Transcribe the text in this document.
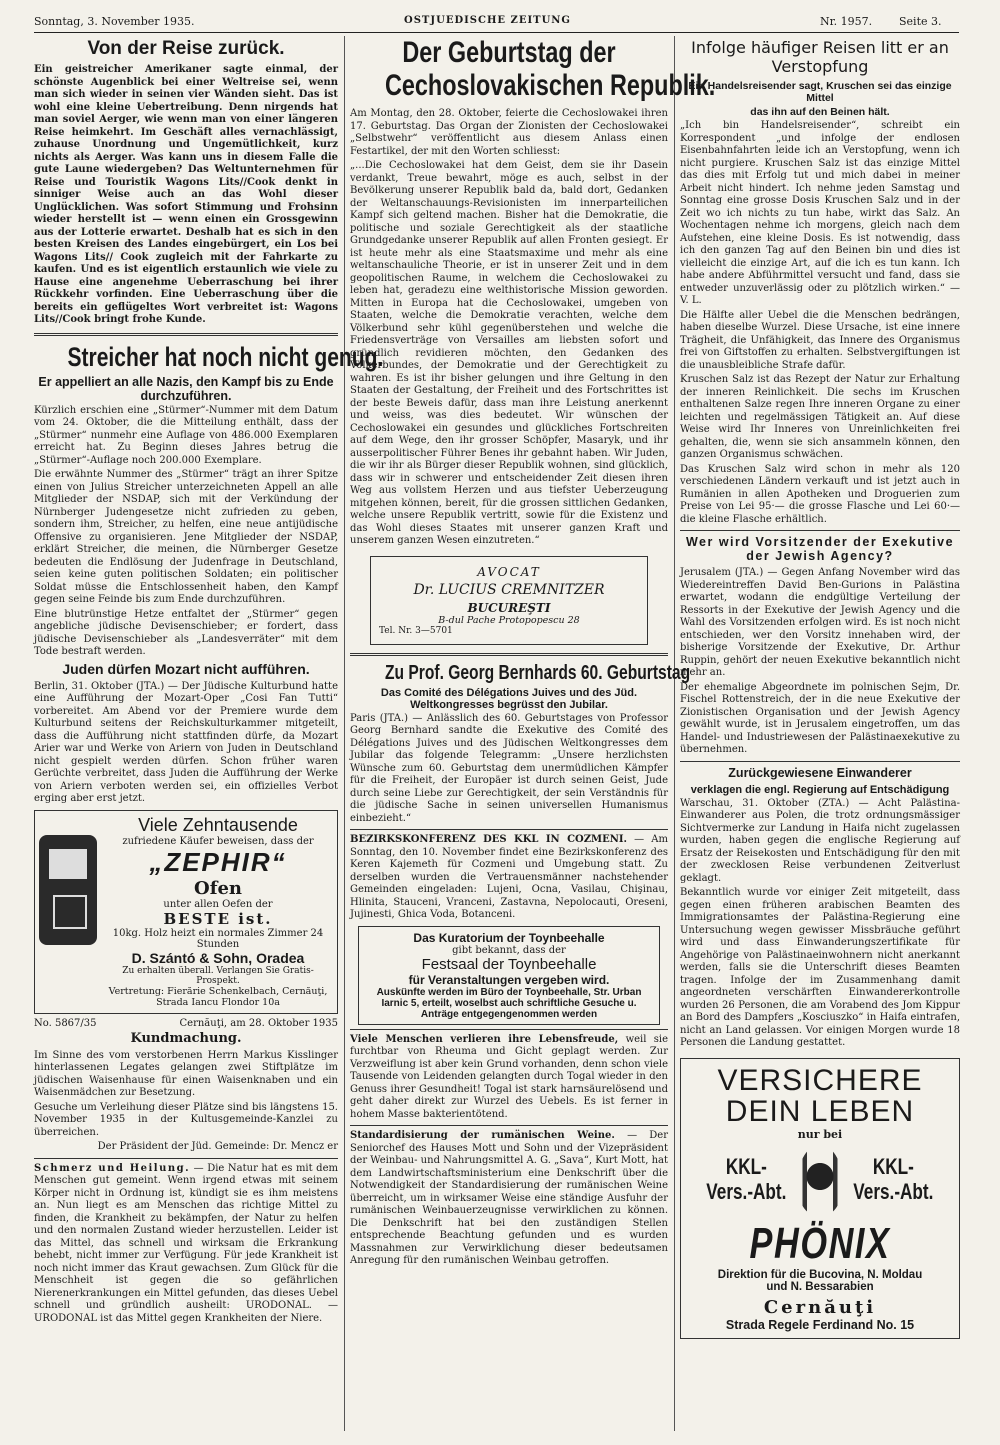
Sonntag, 3. November 1935.	OSTJUEDISCHE ZEITUNG	Nr. 1957. Seite 3.
Von der Reise zurück.

Ein geistreicher Amerikaner sagte einmal, der schönste Augenblick bei einer Weltreise sei, wenn man sich wieder in seinen vier Wänden sieht. Das ist wohl eine kleine Uebertreibung. Denn nirgends hat man soviel Aerger, wie wenn man von einer längeren Reise heimkehrt. Im Geschäft alles vernachlässigt, zuhause Unordnung und Ungemütlichkeit, kurz nichts als Aerger. Was kann uns in diesem Falle die gute Laune wiedergeben? Das Weltunternehmen für Reise und Touristik Wagons Lits//Cook denkt in sinniger Weise auch an das Wohl dieser Unglücklichen. Was sofort Stimmung und Frohsinn wieder herstellt ist — wenn einen ein Grossgewinn aus der Lotterie erwartet. Deshalb hat es sich in den besten Kreisen des Landes eingebürgert, ein Los bei Wagons Lits// Cook zugleich mit der Fahrkarte zu kaufen. Und es ist eigentlich erstaunlich wie viele zu Hause eine angenehme Ueberraschung bei ihrer Rückkehr vorfinden. Eine Ueberraschung über die bereits ein geflügeltes Wort verbreitet ist: Wagons Lits//Cook bringt frohe Kunde.

Streicher hat noch nicht genug.
Er appelliert an alle Nazis, den Kampf bis zu Ende durchzuführen.

Kürzlich erschien eine „Stürmer“-Nummer mit dem Datum vom 24. Oktober, die die Mitteilung enthält, dass der „Stürmer“ nunmehr eine Auflage von 486.000 Exemplaren erreicht hat. Zu Beginn dieses Jahres betrug die „Stürmer“-Auflage noch 200.000 Exemplare.

Die erwähnte Nummer des „Stürmer“ trägt an ihrer Spitze einen von Julius Streicher unterzeichneten Appell an alle Mitglieder der NSDAP, sich mit der Verkündung der Nürnberger Judengesetze nicht zufrieden zu geben, sondern ihm, Streicher, zu helfen, eine neue antijüdische Offensive zu organisieren. Jene Mitglieder der NSDAP, erklärt Streicher, die meinen, die Nürnberger Gesetze bedeuten die Endlösung der Judenfrage in Deutschland, seien keine guten politischen Soldaten; ein politischer Soldat müsse die Entschlossenheit haben, den Kampf gegen seine Feinde bis zum Ende durchzuführen.

Eine blutrünstige Hetze entfaltet der „Stürmer“ gegen angebliche jüdische Devisenschieber; er fordert, dass jüdische Devisenschieber als „Landesverräter“ mit dem Tode bestraft werden.

Juden dürfen Mozart nicht aufführen.

Berlin, 31. Oktober (JTA.) — Der Jüdische Kulturbund hatte eine Aufführung der Mozart-Oper „Cosi Fan Tutti“ vorbereitet. Am Abend vor der Premiere wurde dem Kulturbund seitens der Reichskulturkammer mitgeteilt, dass die Aufführung nicht stattfinden dürfe, da Mozart Arier war und Werke von Ariern von Juden in Deutschland nicht gespielt werden dürfen. Schon früher waren Gerüchte verbreitet, dass Juden die Aufführung der Werke von Ariern verboten werden sei, ein offizielles Verbot erging aber erst jetzt.

Viele Zehntausende
zufriedene Käufer beweisen, dass der
„ZEPHIR“
Ofen
unter allen Oefen der
BESTE ist.
10kg. Holz heizt ein normales Zimmer 24 Stunden
D. Szántó & Sohn, Oradea
Zu erhalten überall. Verlangen Sie Gratis-Prospekt.
Vertretung: Fierărie Schenkelbach, Cernăuţi,
Strada Iancu Flondor 10a
No. 5867/35	Cernăuţi, am 28. Oktober 1935
Kundmachung.

Im Sinne des vom verstorbenen Herrn Markus Kisslinger hinterlassenen Legates gelangen zwei Stiftplätze im jüdischen Waisenhause für einen Waisenknaben und ein Waisenmädchen zur Besetzung.

Gesuche um Verleihung dieser Plätze sind bis längstens 15. November 1935 in der Kultusgemeinde-Kanzlei zu überreichen.

Der Präsident der Jüd. Gemeinde: Dr. Mencz er

Schmerz und Heilung. — Die Natur hat es mit dem Menschen gut gemeint. Wenn irgend etwas mit seinem Körper nicht in Ordnung ist, kündigt sie es ihm meistens an. Nun liegt es am Menschen das richtige Mittel zu finden, die Krankheit zu bekämpfen, der Natur zu helfen und den normalen Zustand wieder herzustellen. Leider ist das Mittel, das schnell und wirksam die Erkrankung behebt, nicht immer zur Verfügung. Für jede Krankheit ist noch nicht immer das Kraut gewachsen. Zum Glück für die Menschheit ist gegen die so gefährlichen Nierenerkrankungen ein Mittel gefunden, das dieses Uebel schnell und gründlich ausheilt: URODONAL. — URODONAL ist das Mittel gegen Krankheiten der Niere.

Der Geburtstag der
Cechoslovakischen Republik.

Am Montag, den 28. Oktober, feierte die Cechoslowakei ihren 17. Geburtstag. Das Organ der Zionisten der Cechoslowakei „Selbstwehr“ veröffentlicht aus diesem Anlass einen Festartikel, der mit den Worten schliesst:

„...Die Cechoslowakei hat dem Geist, dem sie ihr Dasein verdankt, Treue bewahrt, möge es auch, selbst in der Bevölkerung unserer Republik bald da, bald dort, Gedanken der Weltanschauungs-Revisionisten im innerparteilichen Kampf sich geltend machen. Bisher hat die Demokratie, die politische und soziale Gerechtigkeit als der staatliche Grundgedanke unserer Republik auf allen Fronten gesiegt. Er ist heute mehr als eine Staatsmaxime und mehr als eine weltanschauliche Theorie, er ist in unserer Zeit und in dem geopolitischen Raume, in welchem die Cechoslowakei zu leben hat, geradezu eine welthistorische Mission geworden. Mitten in Europa hat die Cechoslowakei, umgeben von Staaten, welche die Demokratie verachten, welche dem Völkerbund sehr kühl gegenüberstehen und welche die Friedensverträge von Versailles am liebsten sofort und gründlich revidieren möchten, den Gedanken des Völkerbundes, der Demokratie und der Gerechtigkeit zu wahren. Es ist ihr bisher gelungen und ihre Geltung in den Staaten der Gestaltung, der Freiheit und des Fortschrittes ist der beste Beweis dafür, dass man ihre Leistung anerkennt und weiss, was dies bedeutet. Wir wünschen der Cechoslowakei ein gesundes und glückliches Fortschreiten auf dem Wege, den ihr grosser Schöpfer, Masaryk, und ihr ausserpolitischer Führer Benes ihr gebahnt haben. Wir Juden, die wir ihr als Bürger dieser Republik wohnen, sind glücklich, dass wir in schwerer und entscheidender Zeit diesen ihren Weg aus vollstem Herzen und aus tiefster Ueberzeugung mitgehen können, bereit, für die grossen sittlichen Gedanken, welche unsere Republik vertritt, sowie für die Existenz und das Wohl dieses Staates mit unserer ganzen Kraft und unserem ganzen Wesen einzutreten.“

AVOCAT
Dr. LUCIUS CREMNITZER
BUCUREŞTI
B-dul Pache Protopopescu 28
Tel. Nr. 3—5701
Zu Prof. Georg Bernhards 60. Geburtstag
Das Comité des Délégations Juives und des Jüd. Weltkongresses begrüsst den Jubilar.

Paris (JTA.) — Anlässlich des 60. Geburtstages von Professor Georg Bernhard sandte die Exekutive des Comité des Délégations Juives und des Jüdischen Weltkongresses dem Jubilar das folgende Telegramm: „Unsere herzlichsten Wünsche zum 60. Geburtstag dem unermüdlichen Kämpfer für die Freiheit, der Europäer ist durch seinen Geist, Jude durch seine Liebe zur Gerechtigkeit, der sein Verständnis für die jüdische Sache in seinen universellen Humanismus einbezieht.“

BEZIRKSKONFERENZ DES KKL IN COZMENI. — Am Sonntag, den 10. November findet eine Bezirkskonferenz des Keren Kajemeth für Cozmeni und Umgebung statt. Zu derselben wurden die Vertrauensmänner nachstehender Gemeinden eingeladen: Lujeni, Ocna, Vasilau, Chişinau, Hlinita, Stauceni, Vranceni, Zastavna, Nepolocauti, Oreseni, Jujinesti, Ghica Voda, Botanceni.

Das Kuratorium der Toynbeehalle
gibt bekannt, dass der
Festsaal der Toynbeehalle
für Veranstaltungen vergeben wird.
Auskünfte werden im Büro der Toynbeehalle, Str. Urban Iarnic 5, erteilt, woselbst auch schriftliche Gesuche u. Anträge entgegengenommen werden

Viele Menschen verlieren ihre Lebensfreude, weil sie furchtbar von Rheuma und Gicht geplagt werden. Zur Verzweiflung ist aber kein Grund vorhanden, denn schon viele Tausende von Leidenden gelangten durch Togal wieder in den Genuss ihrer Gesundheit! Togal ist stark harnsäurelösend und geht daher direkt zur Wurzel des Uebels. Es ist ferner in hohem Masse bakterientötend.

Standardisierung der rumänischen Weine. — Der Seniorchef des Hauses Mott und Sohn und der Vizepräsident der Weinbau- und Nahrungsmittel A. G. „Sava“, Kurt Mott, hat dem Landwirtschaftsministerium eine Denkschrift über die Notwendigkeit der Standardisierung der rumänischen Weine überreicht, um in wirksamer Weise eine ständige Ausfuhr der rumänischen Weinbauerzeugnisse verwirklichen zu können. Die Denkschrift hat bei den zuständigen Stellen entsprechende Beachtung gefunden und es wurden Massnahmen zur Verwirklichung dieser bedeutsamen Anregung für den rumänischen Weinbau getroffen.

Infolge häufiger Reisen litt er an Verstopfung
Ein Handelsreisender sagt, Kruschen sei das einzige Mittel
das ihn auf den Beinen hält.

„Ich bin Handelsreisender“, schreibt ein Korrespondent „und infolge der endlosen Eisenbahnfahrten leide ich an Verstopfung, wenn ich nicht purgiere. Kruschen Salz ist das einzige Mittel das dies mit Erfolg tut und mich dabei in meiner Arbeit nicht hindert. Ich nehme jeden Samstag und Sonntag eine grosse Dosis Kruschen Salz und in der Zeit wo ich nichts zu tun habe, wirkt das Salz. An Wochentagen nehme ich morgens, gleich nach dem Aufstehen, eine kleine Dosis. Es ist notwendig, dass ich den ganzen Tag auf den Beinen bin und dies ist vielleicht die einzige Art, auf die ich es tun kann. Ich habe andere Abführmittel versucht und fand, dass sie entweder unzuverlässig oder zu plötzlich wirken.“ — V. L.

Die Hälfte aller Uebel die die Menschen bedrängen, haben dieselbe Wurzel. Diese Ursache, ist eine innere Trägheit, die Unfähigkeit, das Innere des Organismus frei von Giftstoffen zu erhalten. Selbstvergiftungen ist die unausbleibliche Strafe dafür.

Kruschen Salz ist das Rezept der Natur zur Erhaltung der inneren Reinlichkeit. Die sechs im Kruschen enthaltenen Salze regen Ihre inneren Organe zu einer leichten und regelmässigen Tätigkeit an. Auf diese Weise wird Ihr Inneres von Unreinlichkeiten frei gehalten, die, wenn sie sich ansammeln können, den ganzen Organismus schwächen.

Das Kruschen Salz wird schon in mehr als 120 verschiedenen Ländern verkauft und ist jetzt auch in Rumänien in allen Apotheken und Droguerien zum Preise von Lei 95·— die grosse Flasche und Lei 60·— die kleine Flasche erhältlich.

Wer wird Vorsitzender der Exekutive der Jewish Agency?

Jerusalem (JTA.) — Gegen Anfang November wird das Wiedereintreffen David Ben-Gurions in Palästina erwartet, wodann die endgültige Verteilung der Ressorts in der Exekutive der Jewish Agency und die Wahl des Vorsitzenden erfolgen wird. Es ist noch nicht entschieden, wer den Vorsitz innehaben wird, der bisherige Vorsitzende der Exekutive, Dr. Arthur Ruppin, gehört der neuen Exekutive bekanntlich nicht mehr an.

Der ehemalige Abgeordnete im polnischen Sejm, Dr. Fischel Rottenstreich, der in die neue Exekutive der Zionistischen Organisation und der Jewish Agency gewählt wurde, ist in Jerusalem eingetroffen, um das Handel- und Industriewesen der Palästinaexekutive zu übernehmen.

Zurückgewiesene Einwanderer
verklagen die engl. Regierung auf Entschädigung

Warschau, 31. Oktober (ZTA.) — Acht Palästina-Einwanderer aus Polen, die trotz ordnungsmässiger Sichtvermerke zur Landung in Haifa nicht zugelassen wurden, haben gegen die englische Regierung auf Ersatz der Reisekosten und Entschädigung für den mit der zwecklosen Reise verbundenen Zeitverlust geklagt.

Bekanntlich wurde vor einiger Zeit mitgeteilt, dass gegen einen früheren arabischen Beamten des Immigrationsamtes der Palästina-Regierung eine Untersuchung wegen gewisser Missbräuche geführt wird und dass Einwanderungszertifikate für Angehörige von Palästinaeinwohnern nicht anerkannt werden, falls sie die Unterschrift dieses Beamten tragen. Infolge der im Zusammenhang damit angeordneten verschärften Einwandererkontrolle wurden 26 Personen, die am Vorabend des Jom Kippur an Bord des Dampfers „Kosciuszko“ in Haifa eintrafen, nicht an Land gelassen. Vor einigen Morgen wurde 18 Personen die Landung gestattet.

VERSICHERE
DEIN LEBEN
nur bei
KKL-
Vers.-Abt.
KKL-
Vers.-Abt.
PHÖNIX
Direktion für die Bucovina, N. Moldau
und N. Bessarabien
Cernăuţi
Strada Regele Ferdinand No. 15
